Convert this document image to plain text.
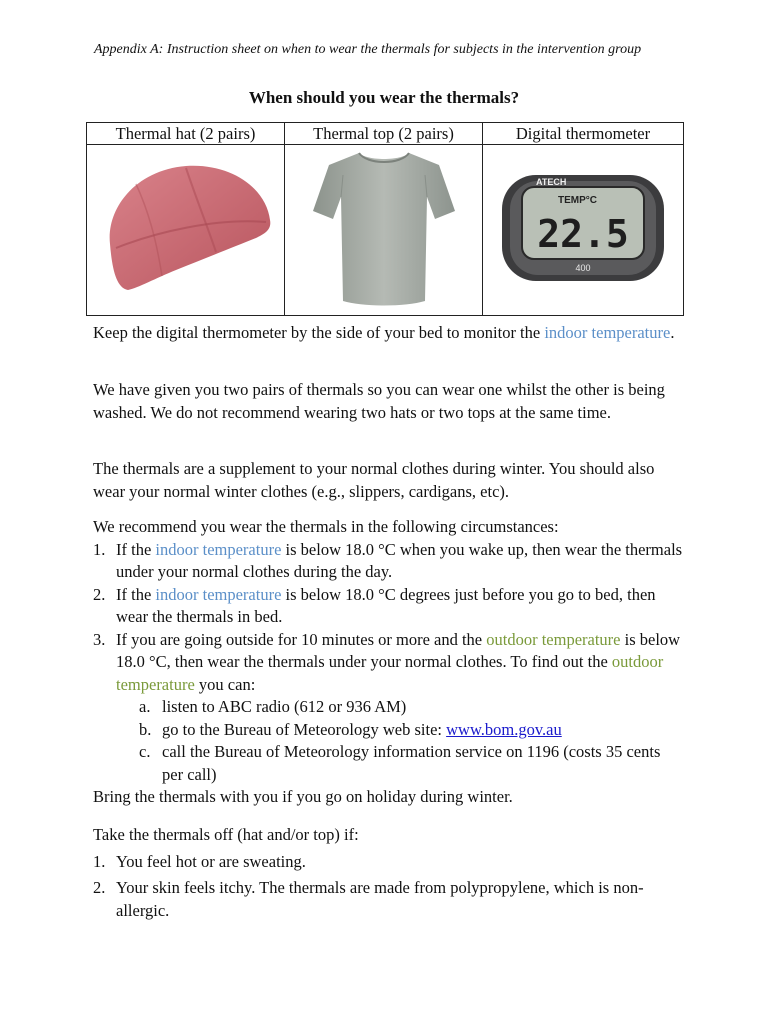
Appendix A: Instruction sheet on when to wear the thermals for subjects in the intervention group
When should you wear the thermals?
Thermal hat (2 pairs)	Thermal top (2 pairs)	Digital thermometer

ATECH
TEMP°C
22.5
400

Keep the digital thermometer by the side of your bed to monitor the indoor temperature.

We have given you two pairs of thermals so you can wear one whilst the other is being washed. We do not recommend wearing two hats or two tops at the same time.
The thermals are a supplement to your normal clothes during winter. You should also wear your normal winter clothes (e.g., slippers, cardigans, etc).

We recommend you wear the thermals in the following circumstances:

1. If the indoor temperature is below 18.0 °C when you wake up, then wear the thermals under your normal clothes during the day.
2. If the indoor temperature is below 18.0 °C degrees just before you go to bed, then wear the thermals in bed.
3. If you are going outside for 10 minutes or more and the outdoor temperature is below 18.0 °C, then wear the thermals under your normal clothes. To find out the outdoor temperature you can:
a. listen to ABC radio (612 or 936 AM)
b. go to the Bureau of Meteorology web site: www.bom.gov.au
c. call the Bureau of Meteorology information service on 1196 (costs 35 cents per call)

Bring the thermals with you if you go on holiday during winter.

Take the thermals off (hat and/or top) if:

1. You feel hot or are sweating.
2. Your skin feels itchy. The thermals are made from polypropylene, which is non-allergic.
